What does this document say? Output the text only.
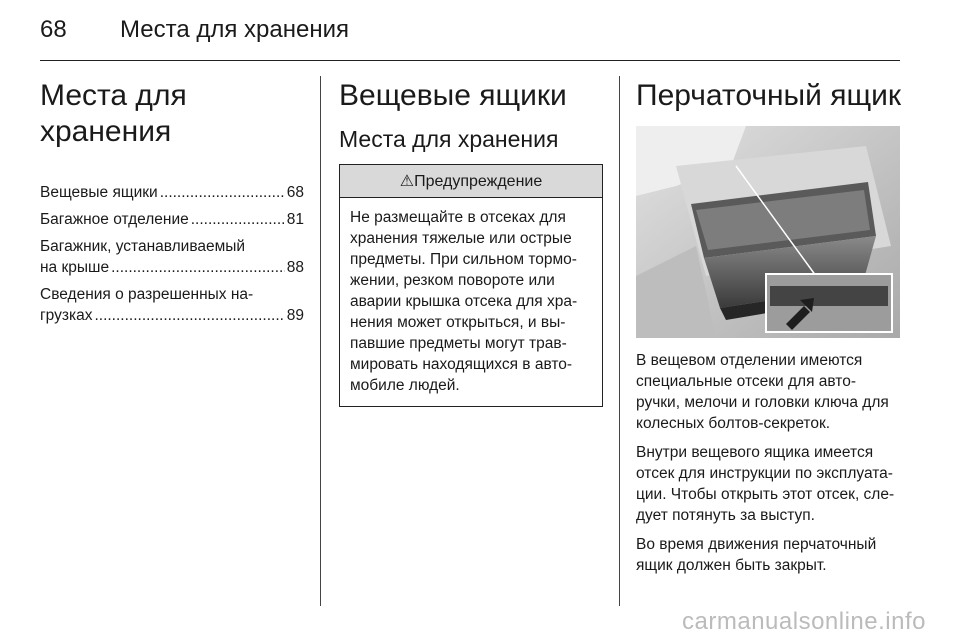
68 Места для хранения
Места для хранения
Вещевые ящики .....	68
Багажное отделение .....	81
Багажник, устанавливаемый
на крыше .....	88
Сведения о разрешенных на-
грузках .....	89
Вещевые ящики
Места для хранения
⚠Предупреждение
Не размещайте в отсеках для
хранения тяжелые или острые
предметы. При сильном тормо-
жении, резком повороте или
аварии крышка отсека для хра-
нения может открыться, и вы-
павшие предметы могут трав-
мировать находящихся в авто-
мобиле людей.
Перчаточный ящик
В вещевом отделении имеются
специальные отсеки для авто-
ручки, мелочи и головки ключа для
колесных болтов-секреток.
Внутри вещевого ящика имеется
отсек для инструкции по эксплуата-
ции. Чтобы открыть этот отсек, сле-
дует потянуть за выступ.
Во время движения перчаточный
ящик должен быть закрыт.
carmanualsonline.info
